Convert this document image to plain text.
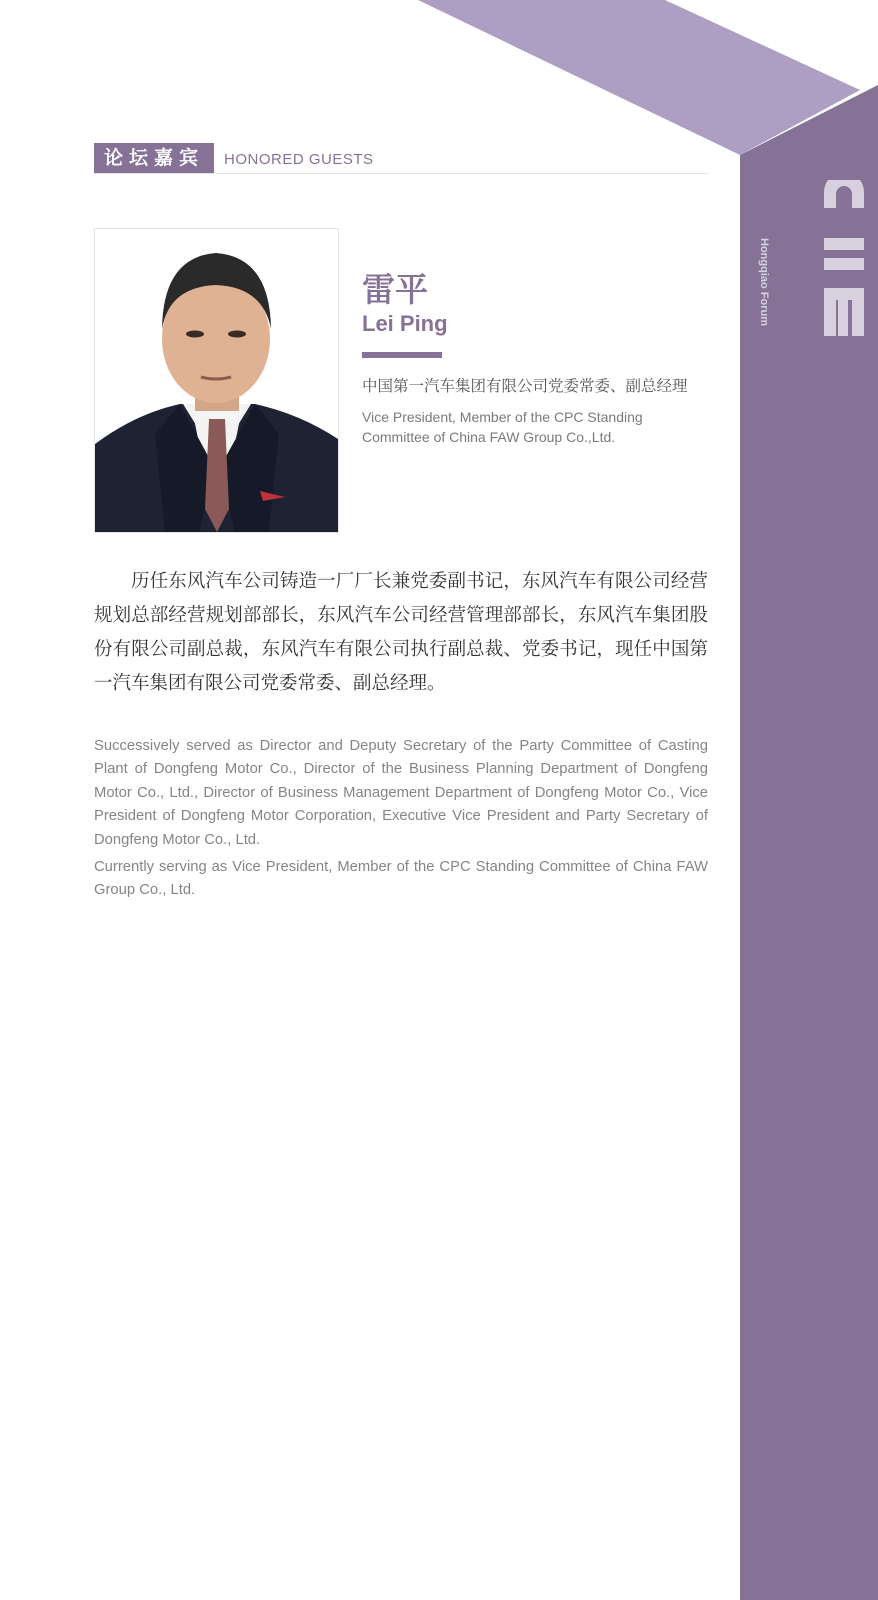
Hongqiao Forum
论坛嘉宾	HONORED GUESTS
雷平
Lei Ping
中国第一汽车集团有限公司党委常委、副总经理
Vice President, Member of the CPC Standing Committee of China FAW Group Co.,Ltd.

历任东风汽车公司铸造一厂厂长兼党委副书记，东风汽车有限公司经营规划总部经营规划部部长，东风汽车公司经营管理部部长，东风汽车集团股份有限公司副总裁，东风汽车有限公司执行副总裁、党委书记，现任中国第一汽车集团有限公司党委常委、副总经理。

Successively served as Director and Deputy Secretary of the Party Committee of Casting Plant of Dongfeng Motor Co., Director of the Business Planning Department of Dongfeng Motor Co., Ltd., Director of Business Management Department of Dongfeng Motor Co., Vice President of Dongfeng Motor Corporation, Executive Vice President and Party Secretary of Dongfeng Motor Co., Ltd.

Currently serving as Vice President, Member of the CPC Standing Committee of China FAW Group Co., Ltd.
